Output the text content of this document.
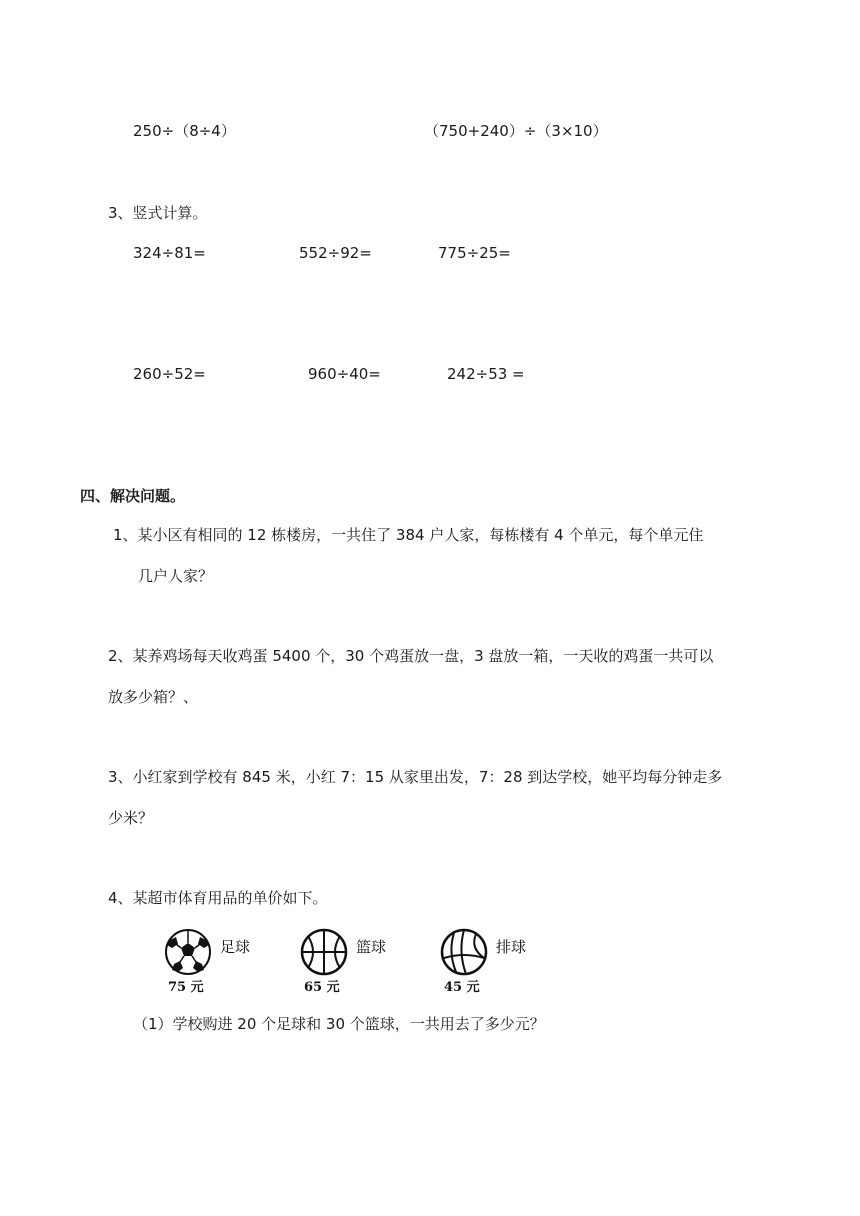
250÷（8÷4）	（750+240）÷（3×10）
3、竖式计算。
324÷81=	552÷92=	775÷25=
260÷52=	960÷40=	242÷53 =
四、解决问题。
1、某小区有相同的 12 栋楼房，一共住了 384 户人家，每栋楼有 4 个单元，每个单元住
几户人家？
2、某养鸡场每天收鸡蛋 5400 个，30 个鸡蛋放一盘，3 盘放一箱，一天收的鸡蛋一共可以
放多少箱？、
3、小红家到学校有 845 米，小红 7：15 从家里出发，7：28 到达学校，她平均每分钟走多
少米？
4、某超市体育用品的单价如下。
足球
75 元
篮球
65 元
排球
45 元
（1）学校购进 20 个足球和 30 个篮球，一共用去了多少元？
